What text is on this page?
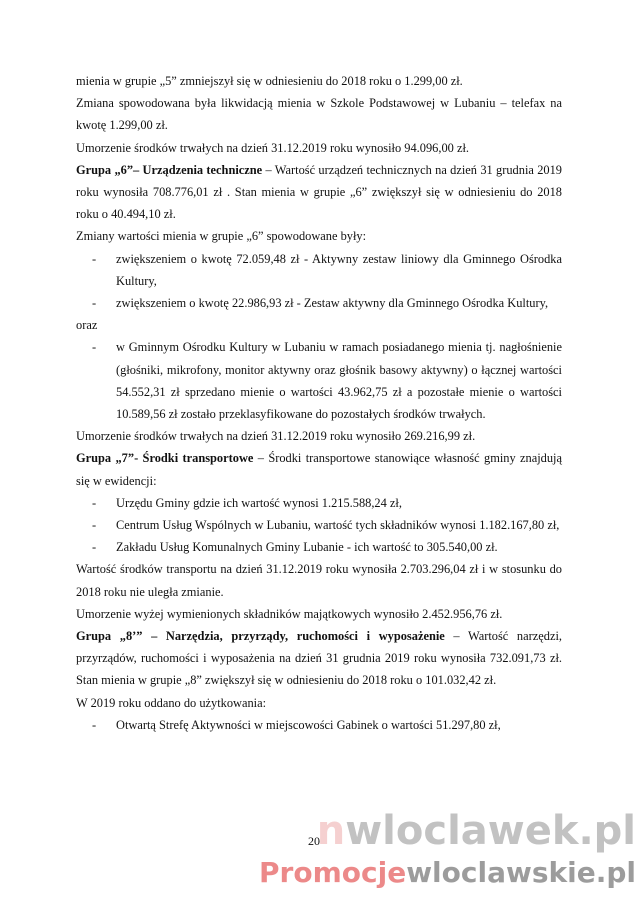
mienia w grupie „5” zmniejszył się w odniesieniu do 2018 roku o 1.299,00 zł.

Zmiana spowodowana była likwidacją mienia w Szkole Podstawowej w Lubaniu – telefax na kwotę 1.299,00 zł.

Umorzenie środków trwałych na dzień 31.12.2019 roku wynosiło 94.096,00 zł.

Grupa „6”– Urządzenia techniczne – Wartość urządzeń technicznych na dzień 31 grudnia 2019 roku wynosiła 708.776,01 zł . Stan mienia w grupie „6” zwiększył się w odniesieniu do 2018 roku o 40.494,10 zł.

Zmiany wartości mienia w grupie „6” spowodowane były:

- zwiększeniem o kwotę 72.059,48 zł - Aktywny zestaw liniowy dla Gminnego Ośrodka Kultury,
- zwiększeniem o kwotę 22.986,93 zł - Zestaw aktywny dla Gminnego Ośrodka Kultury,

oraz

- w Gminnym Ośrodku Kultury w Lubaniu w ramach posiadanego mienia tj. nagłośnienie (głośniki, mikrofony, monitor aktywny oraz głośnik basowy aktywny) o łącznej wartości 54.552,31 zł sprzedano mienie o wartości 43.962,75 zł a pozostałe mienie o wartości 10.589,56 zł zostało przeklasyfikowane do pozostałych środków trwałych.

Umorzenie środków trwałych na dzień 31.12.2019 roku wynosiło 269.216,99 zł.

Grupa „7”- Środki transportowe – Środki transportowe stanowiące własność gminy znajdują się w ewidencji:

- Urzędu Gminy gdzie ich wartość wynosi 1.215.588,24 zł,
- Centrum Usług Wspólnych w Lubaniu, wartość tych składników wynosi 1.182.167,80 zł,
- Zakładu Usług Komunalnych Gminy Lubanie - ich wartość to 305.540,00 zł.

Wartość środków transportu na dzień 31.12.2019 roku wynosiła 2.703.296,04 zł i w stosunku do 2018 roku nie uległa zmianie.

Umorzenie wyżej wymienionych składników majątkowych wynosiło 2.452.956,76 zł.

Grupa „8’” – Narzędzia, przyrządy, ruchomości i wyposażenie – Wartość narzędzi, przyrządów, ruchomości i wyposażenia na dzień 31 grudnia 2019 roku wynosiła 732.091,73 zł. Stan mienia w grupie „8” zwiększył się w odniesieniu do 2018 roku o 101.032,42 zł.

W 2019 roku oddano do użytkowania:

- Otwartą Strefę Aktywności w miejscowości Gabinek o wartości 51.297,80 zł,
20
nwloclawek.pl
Promocjewloclawskie.pl
